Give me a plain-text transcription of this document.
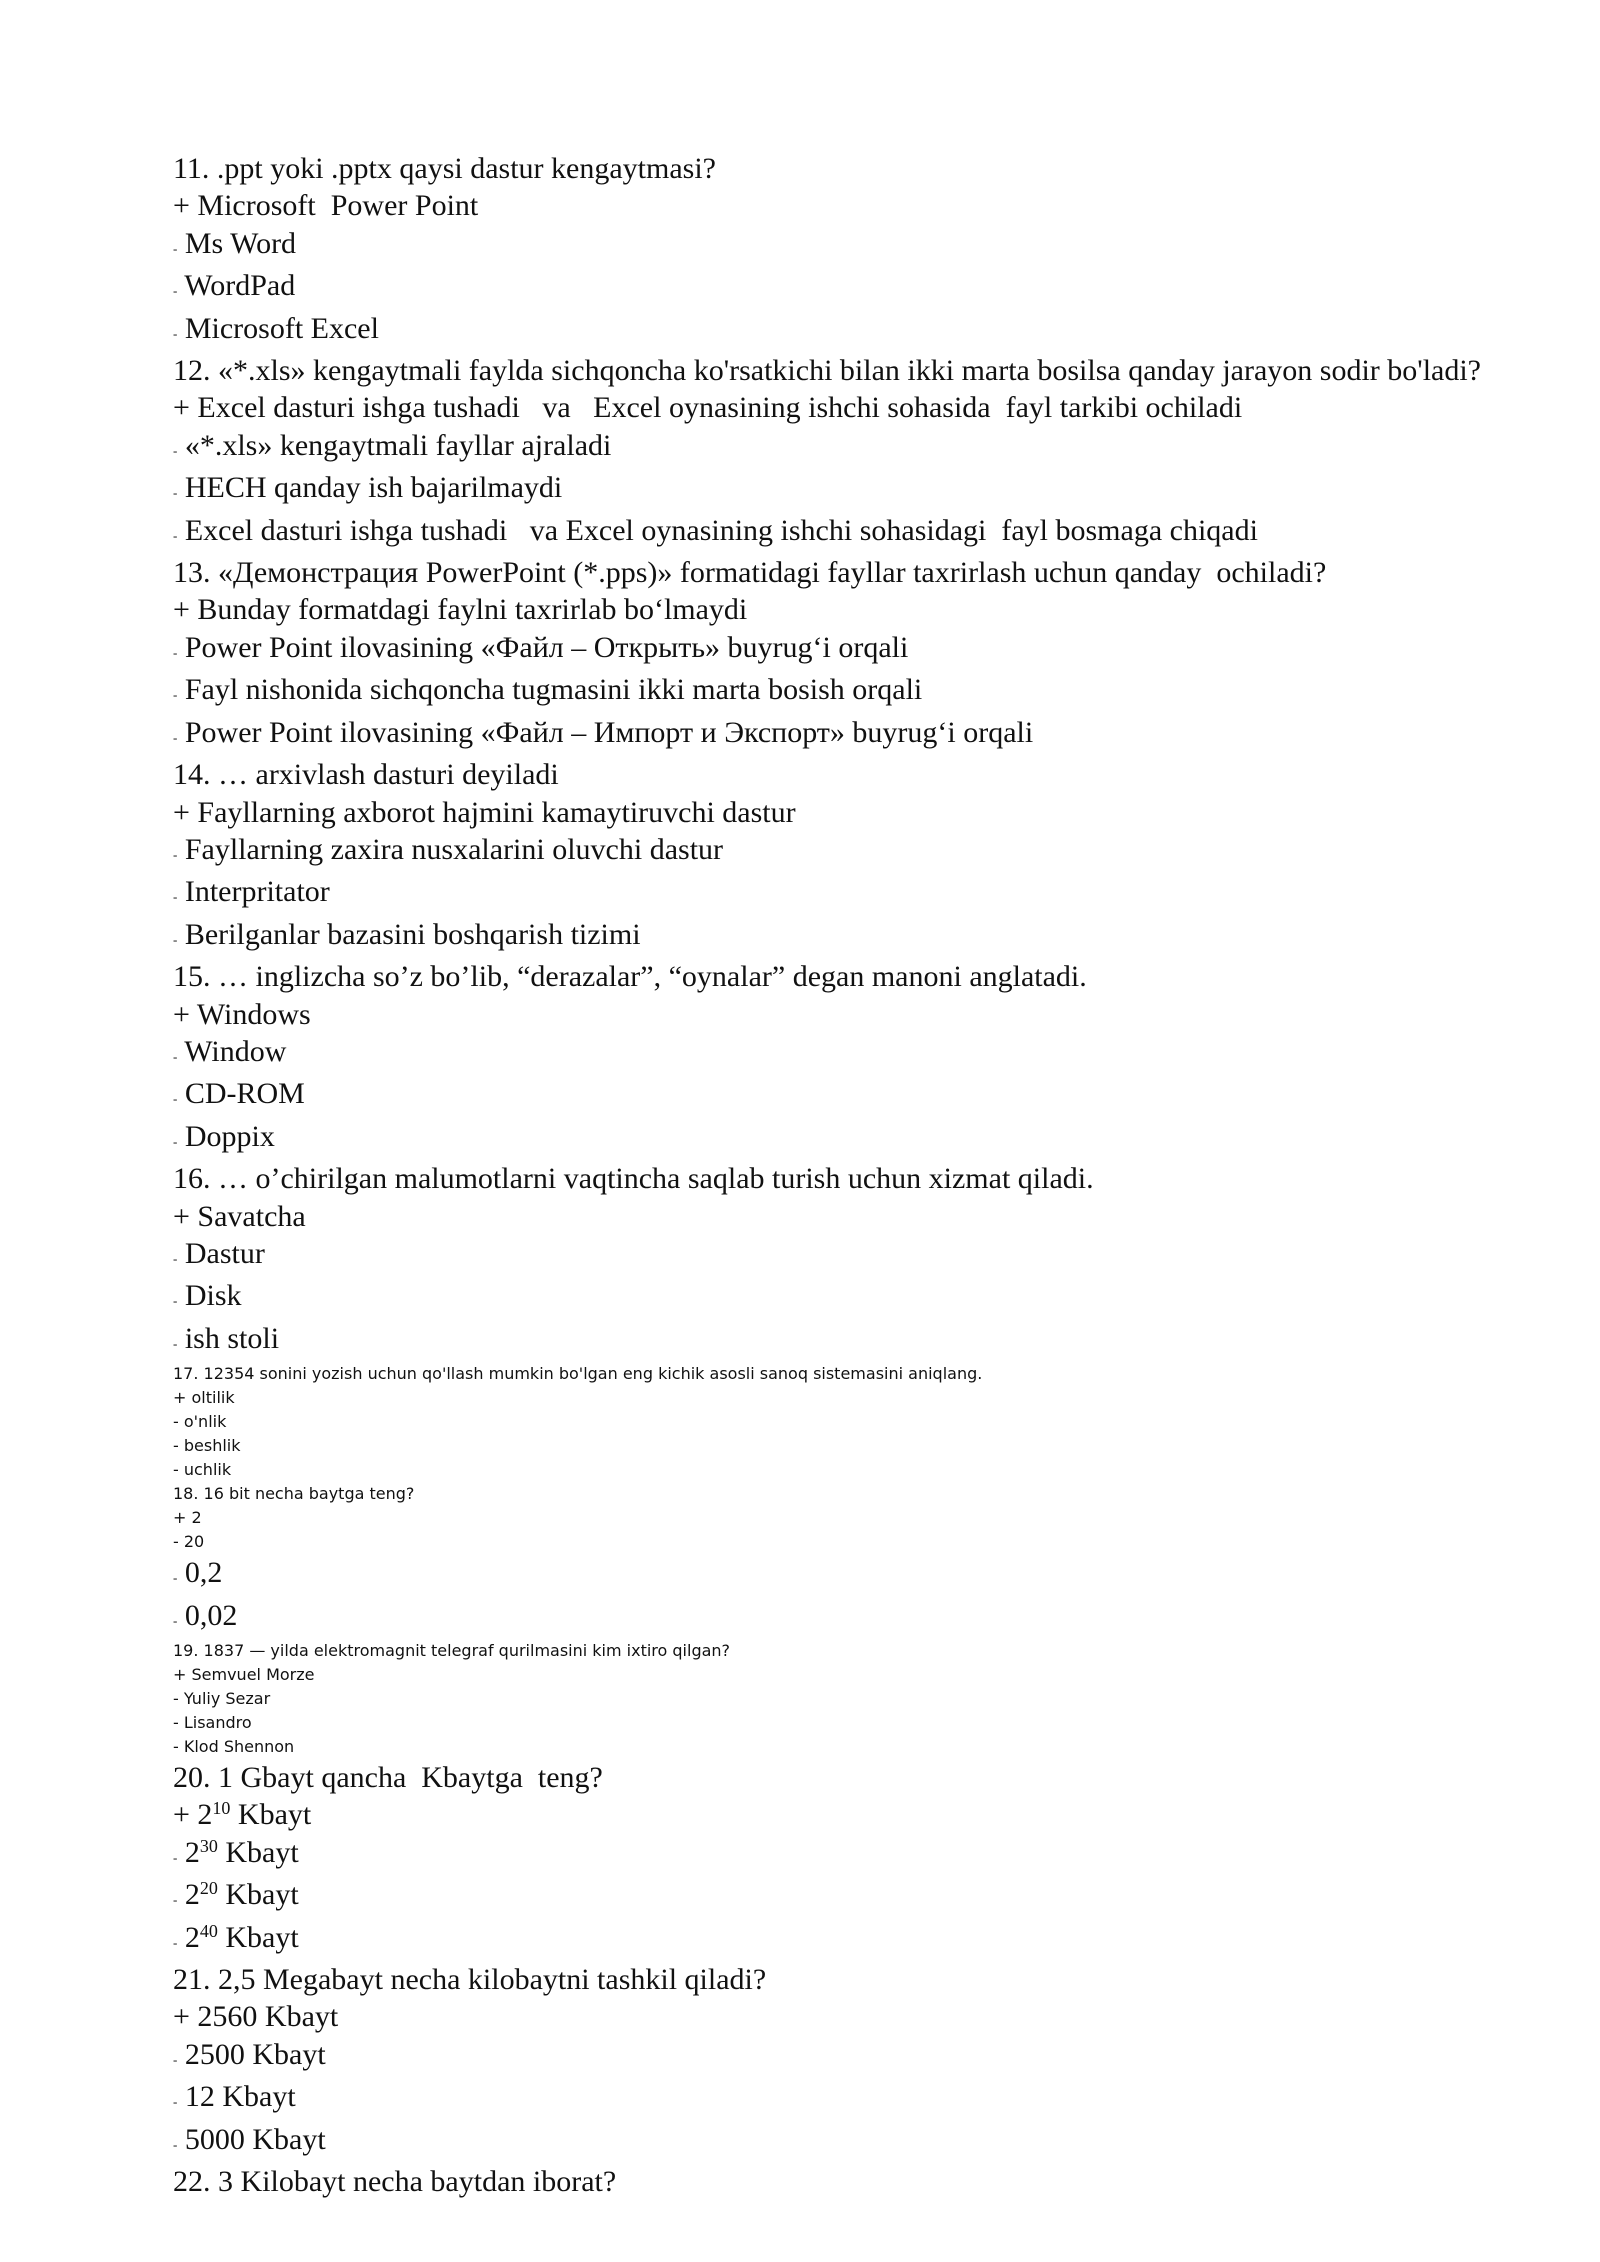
11. .ppt yoki .pptx qaysi dastur kengaytmasi?
+ Microsoft  Power Point
- Ms Word
- WordPad
- Microsoft Excel
12. «*.xls» kengaytmali faylda sichqoncha ko'rsatkichi bilan ikki marta bosilsa qanday jarayon sodir bo'ladi?
+ Excel dasturi ishga tushadi   va   Excel oynasining ishchi sohasida  fayl tarkibi ochiladi
- «*.xls» kengaytmali fayllar ajraladi
- HECH qanday ish bajarilmaydi
- Excel dasturi ishga tushadi   va Excel oynasining ishchi sohasidagi  fayl bosmaga chiqadi
13. «Демонстрация PowerPoint (*.pps)» formatidagi fayllar taxrirlash uchun qanday  ochiladi?
+ Bunday formatdagi faylni taxrirlab bo‘lmaydi
- Power Point ilovasining «Файл – Открыть» buyrug‘i orqali
- Fayl nishonida sichqoncha tugmasini ikki marta bosish orqali
- Power Point ilovasining «Файл – Импорт и Экспорт» buyrug‘i orqali
14. … arxivlash dasturi deyiladi
+ Fayllarning axborot hajmini kamaytiruvchi dastur
- Fayllarning zaxira nusxalarini oluvchi dastur
- Interpritator
- Berilganlar bazasini boshqarish tizimi
15. … inglizcha so’z bo’lib, “derazalar”, “oynalar” degan manoni anglatadi.
+ Windows
- Window
- CD-ROM
- Doppix
16. … o’chirilgan malumotlarni vaqtincha saqlab turish uchun xizmat qiladi.
+ Savatcha
- Dastur
- Disk
- ish stoli
17. 12354 sonini yozish uchun qo'llash mumkin bo'lgan eng kichik asosli sanoq sistemasini aniqlang.
+ oltilik
- o'nlik
- beshlik
- uchlik
18. 16 bit necha baytga teng?
+ 2
- 20
- 0,2
- 0,02
19. 1837 — yilda elektromagnit telegraf qurilmasini kim ixtiro qilgan?
+ Semvuel Morze
- Yuliy Sezar
- Lisandro
- Klod Shennon
20. 1 Gbayt qancha  Kbaytga  teng?
+ $2^{10}$ Kbayt
- $2^{30}$ Kbayt
- $2^{20}$ Kbayt
- $2^{40}$ Kbayt
21. 2,5 Megabayt necha kilobaytni tashkil qiladi?
+ 2560 Kbayt
- 2500 Kbayt
- 12 Kbayt
- 5000 Kbayt
22. 3 Kilobayt necha baytdan iborat?
